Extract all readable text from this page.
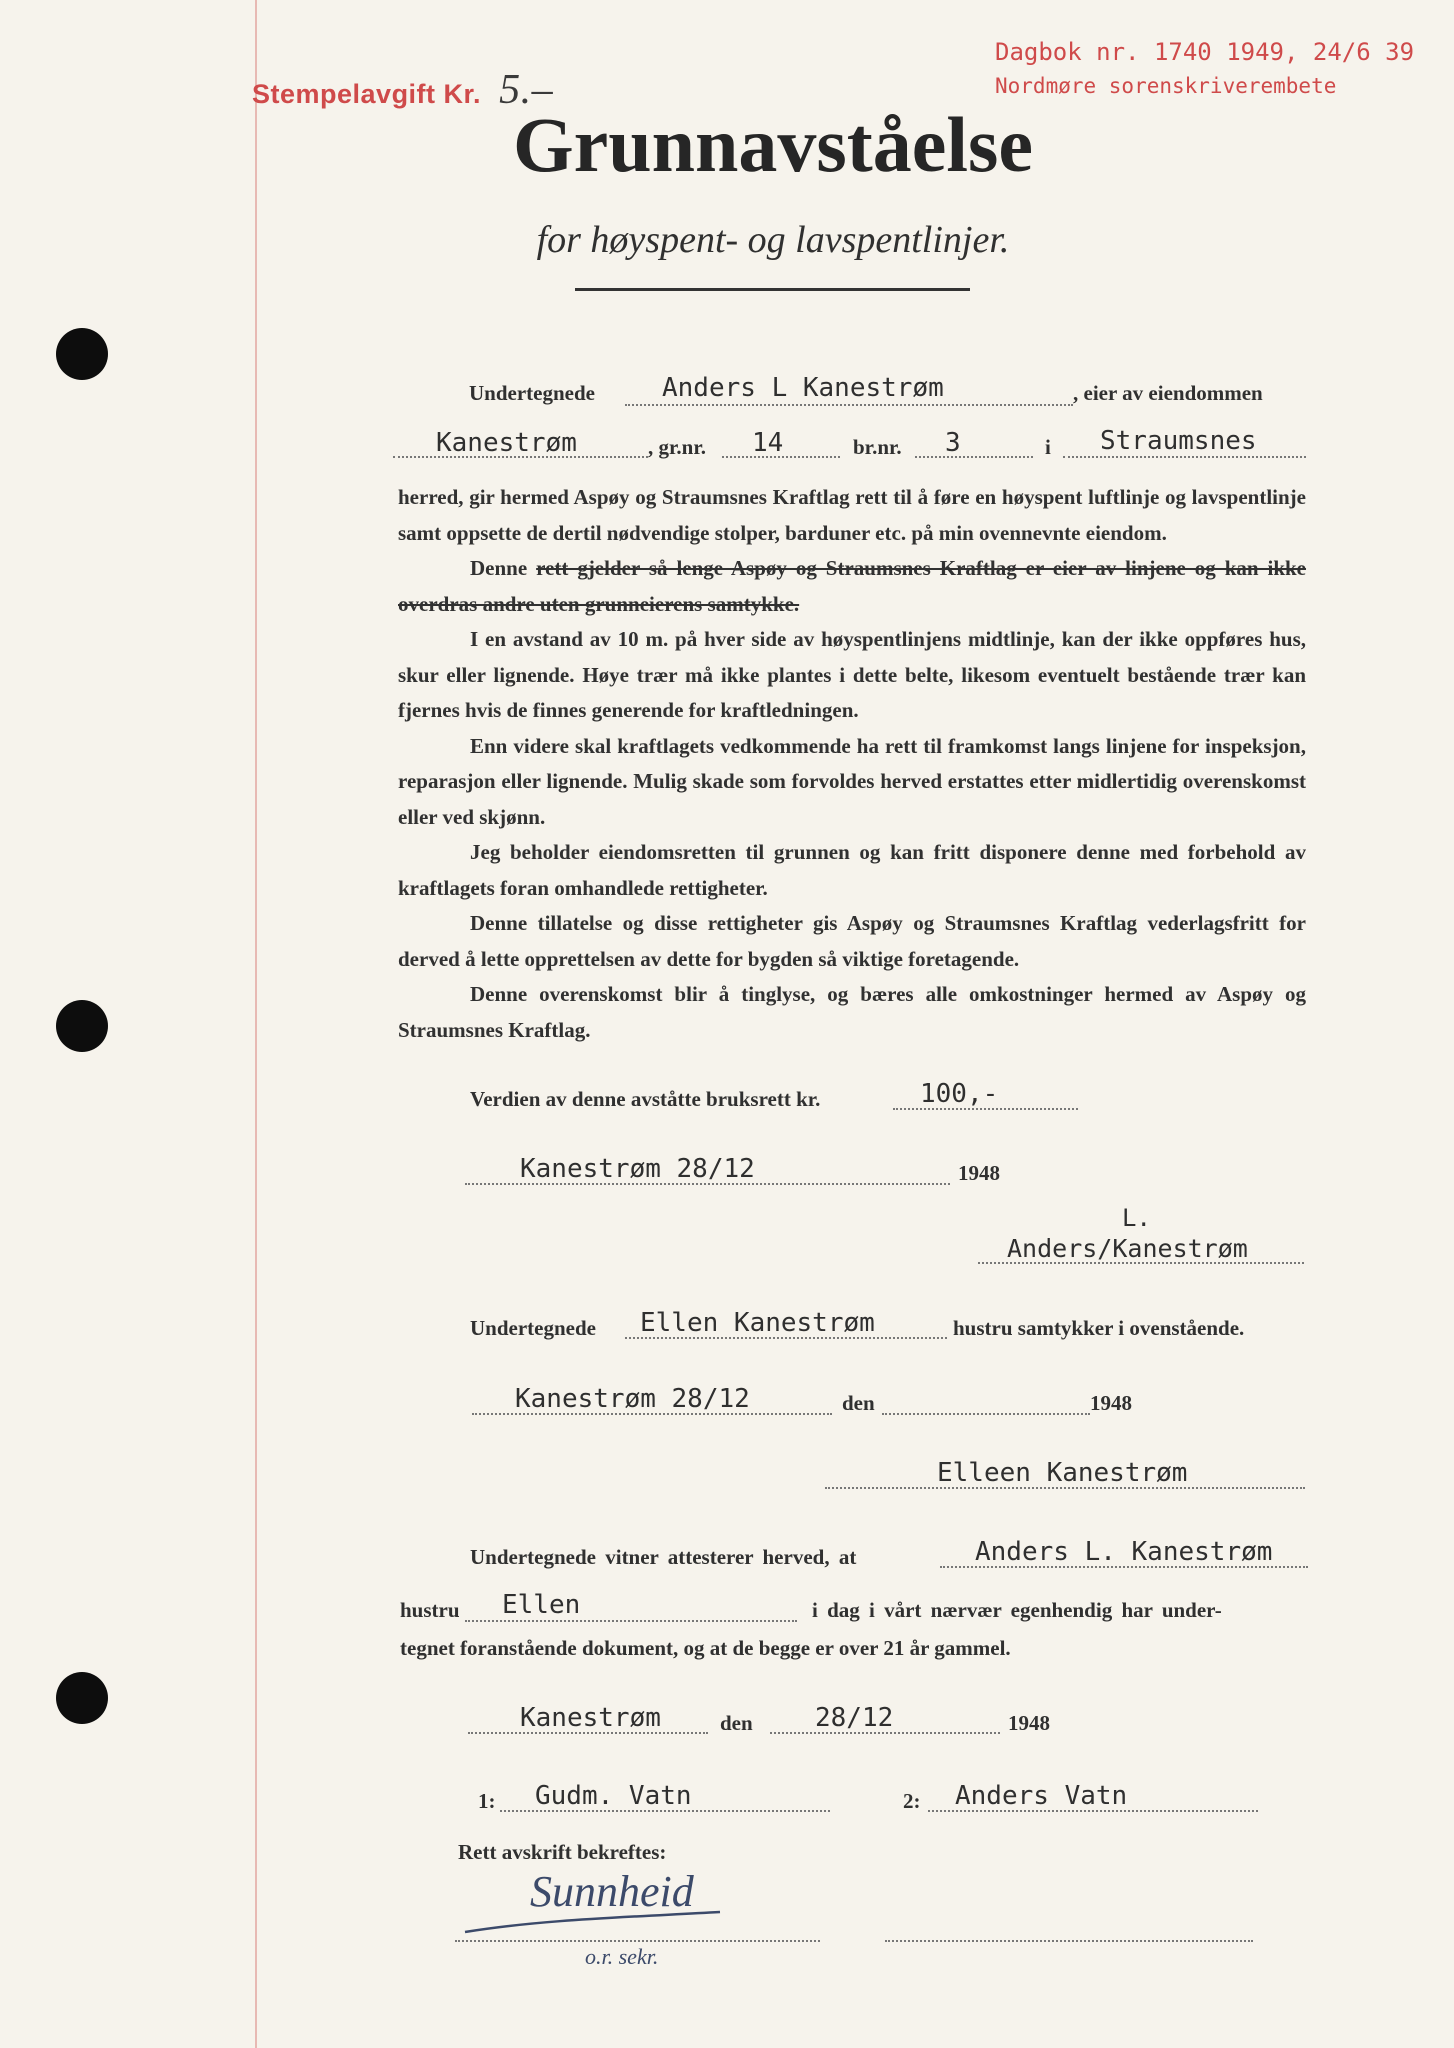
Stempelavgift Kr. 5.–
Dagbok nr. 1740 1949, 24/6 39
Nordmøre sorenskriverembete
Grunnavståelse
for høyspent- og lavspentlinjer.
Undertegnede	Anders L Kanestrøm	, eier av eiendommen
Kanestrøm	, gr.nr. 14	br.nr. 3	i Straumsnes

herred, gir hermed Aspøy og Straumsnes Kraftlag rett til å føre en høyspent luftlinje og lavspentlinje samt oppsette de dertil nødvendige stolper, barduner etc. på min ovennevnte eiendom.

Denne rett gjelder så lenge Aspøy og Straumsnes Kraftlag er eier av linjene og kan ikke overdras andre uten grunneierens samtykke.

I en avstand av 10 m. på hver side av høyspentlinjens midtlinje, kan der ikke oppføres hus, skur eller lignende. Høye trær må ikke plantes i dette belte, likesom eventuelt bestående trær kan fjernes hvis de finnes generende for kraftledningen.

Enn videre skal kraftlagets vedkommende ha rett til framkomst langs linjene for inspeksjon, reparasjon eller lignende. Mulig skade som forvoldes herved erstattes etter midlertidig overenskomst eller ved skjønn.

Jeg beholder eiendomsretten til grunnen og kan fritt disponere denne med forbehold av kraftlagets foran omhandlede rettigheter.

Denne tillatelse og disse rettigheter gis Aspøy og Straumsnes Kraftlag vederlagsfritt for derved å lette opprettelsen av dette for bygden så viktige foretagende.

Denne overenskomst blir å tinglyse, og bæres alle omkostninger hermed av Aspøy og Straumsnes Kraftlag.

Verdien av denne avståtte bruksrett kr.	100,-
Kanestrøm 28/12	1948
L.
Anders/Kanestrøm
Undertegnede Ellen Kanestrøm	hustru samtykker i ovenstående.
Kanestrøm 28/12	den	1948
Elleen Kanestrøm
Undertegnede vitner attesterer herved, at	Anders L. Kanestrøm
hustru Ellen	i dag i vårt nærvær egenhendig har under-
tegnet foranstående dokument, og at de begge er over 21 år gammel.
Kanestrøm	den 28/12	1948
1: Gudm. Vatn	2: Anders Vatn
Rett avskrift bekreftes:
Sunnheid
o.r. sekr.
